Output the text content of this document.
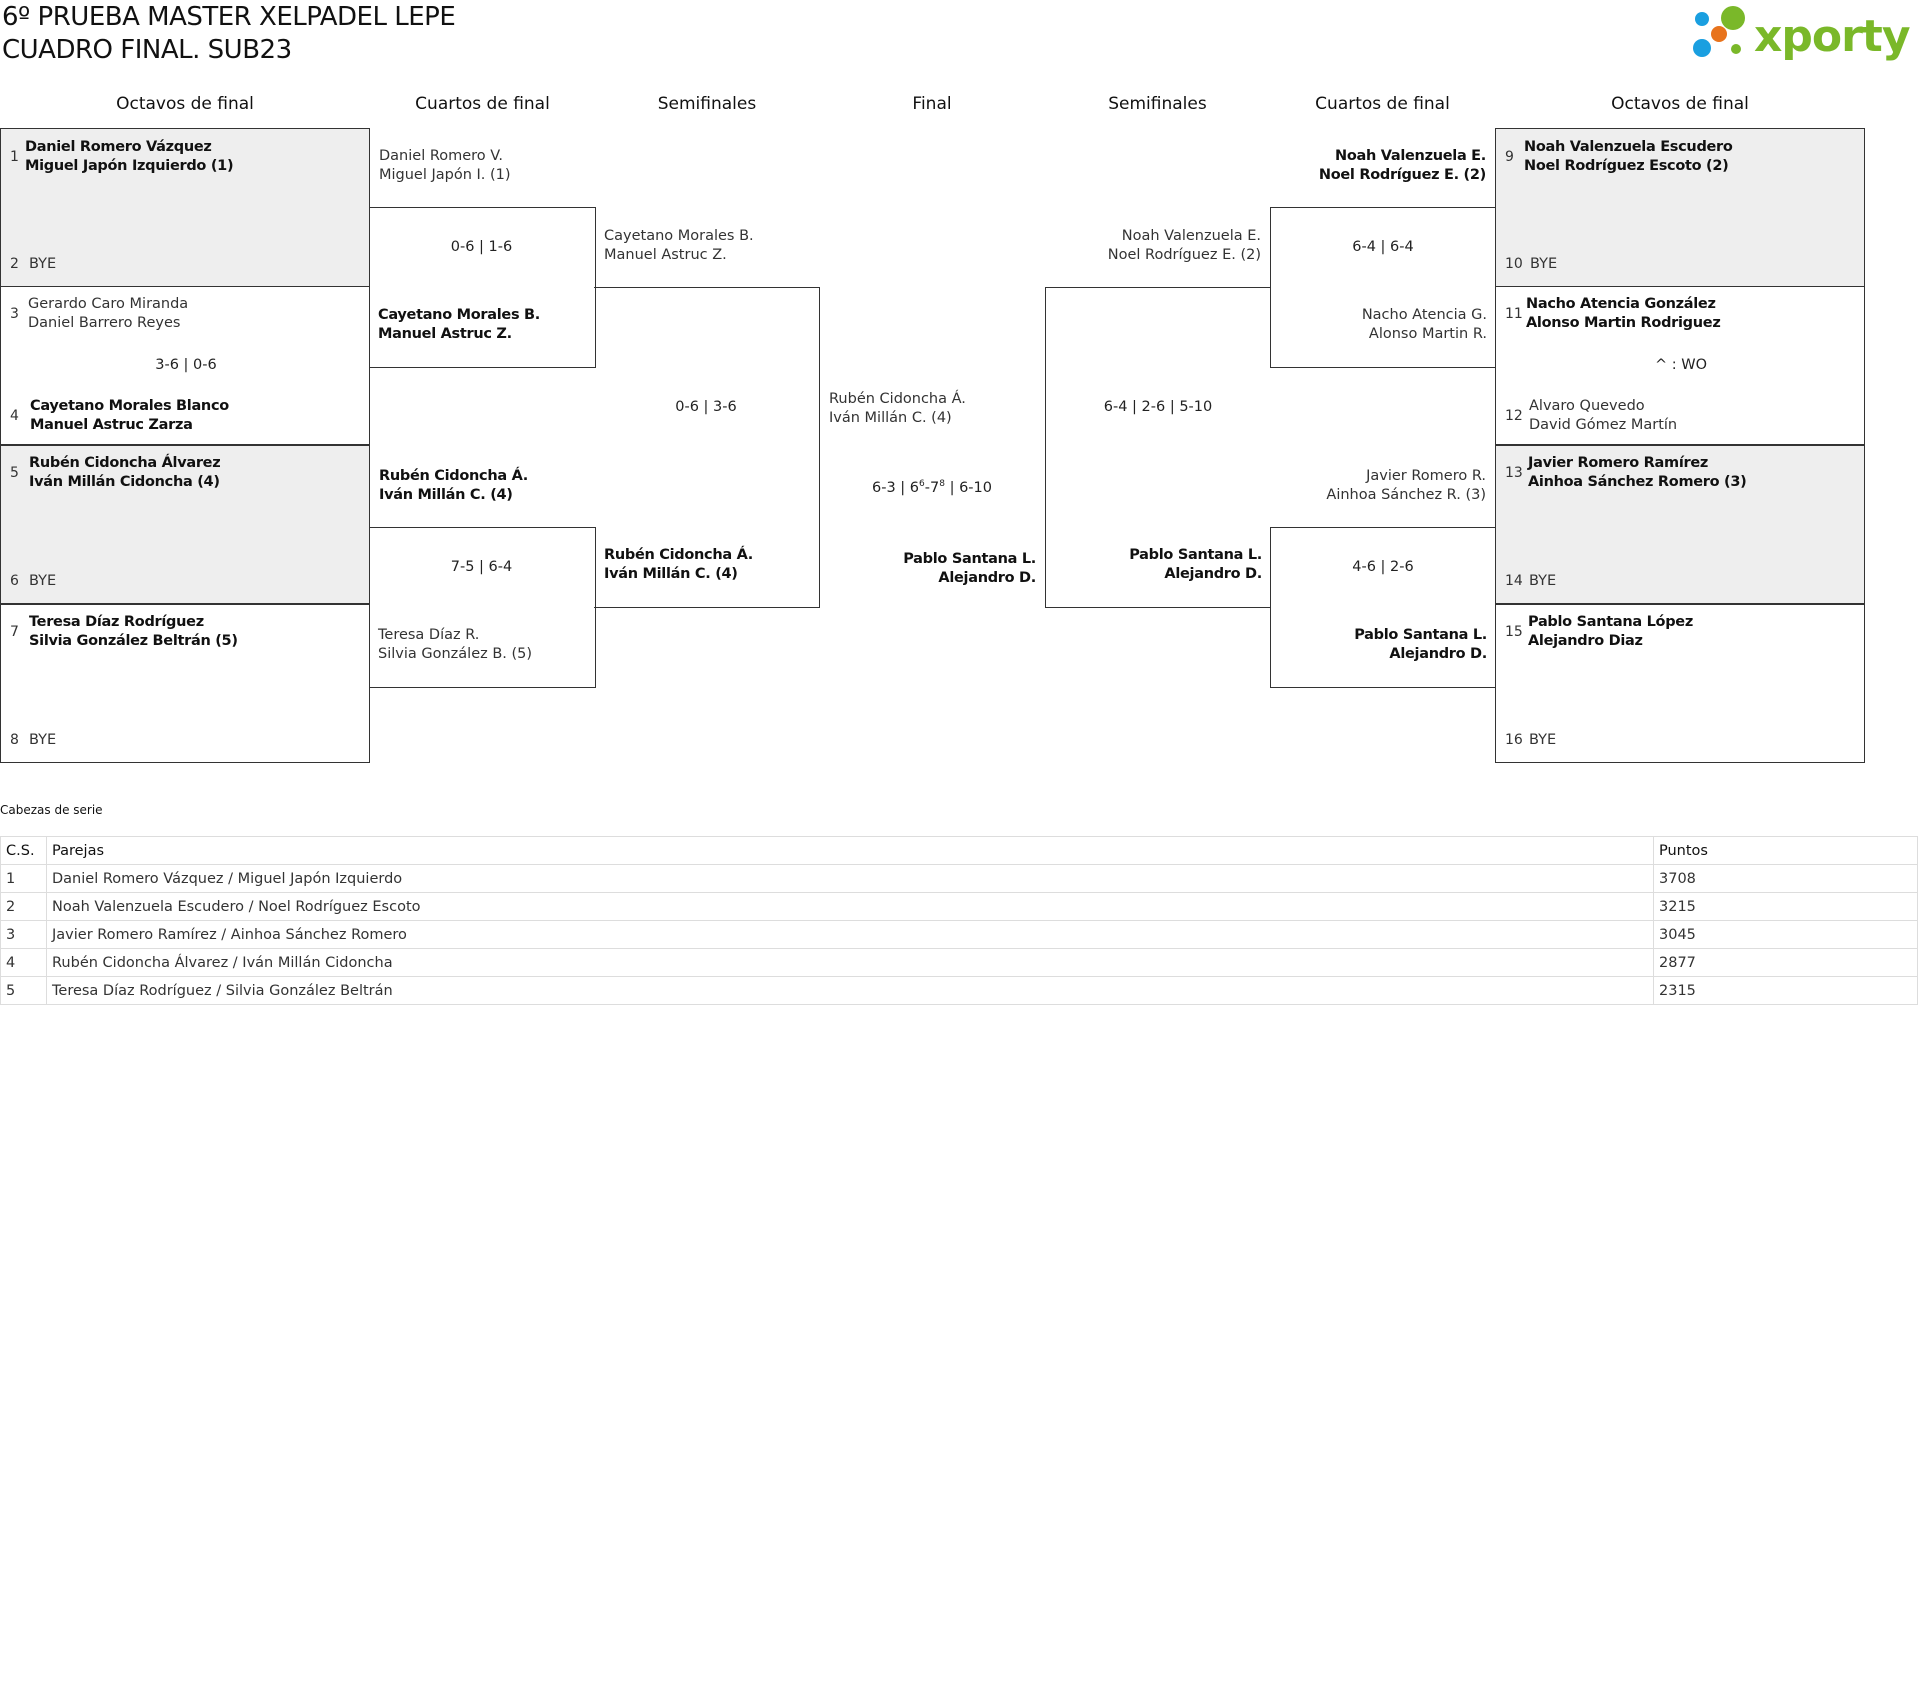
6º PRUEBA MASTER XELPADEL LEPE
CUADRO FINAL. SUB23	xporty
Octavos de final	Cuartos de final	Semifinales	Final	Semifinales	Cuartos de final	Octavos de final
1
Daniel Romero Vázquez
Miguel Japón Izquierdo (1)
2 BYE
3
Gerardo Caro Miranda
Daniel Barrero Reyes
3-6 | 0-6
4
Cayetano Morales Blanco
Manuel Astruc Zarza
5
Rubén Cidoncha Álvarez
Iván Millán Cidoncha (4)
6 BYE
7
Teresa Díaz Rodríguez
Silvia González Beltrán (5)
8 BYE
Daniel Romero V.
Miguel Japón I. (1)
0-6 | 1-6
Cayetano Morales B.
Manuel Astruc Z.
Rubén Cidoncha Á.
Iván Millán C. (4)
7-5 | 6-4
Teresa Díaz R.
Silvia González B. (5)
Cayetano Morales B.
Manuel Astruc Z.
0-6 | 3-6
Rubén Cidoncha Á.
Iván Millán C. (4)
Rubén Cidoncha Á.
Iván Millán C. (4)
6-3 | $6^6-7^8$ | 6-10
Pablo Santana L.
Alejandro D.
Noah Valenzuela E.
Noel Rodríguez E. (2)
6-4 | 2-6 | 5-10
Pablo Santana L.
Alejandro D.
Noah Valenzuela E.
Noel Rodríguez E. (2)
6-4 | 6-4
Nacho Atencia G.
Alonso Martin R.
Javier Romero R.
Ainhoa Sánchez R. (3)
4-6 | 2-6
Pablo Santana L.
Alejandro D.
9
Noah Valenzuela Escudero
Noel Rodríguez Escoto (2)
10 BYE
11
Nacho Atencia González
Alonso Martin Rodriguez
^ : WO
12
Alvaro Quevedo
David Gómez Martín
13
Javier Romero Ramírez
Ainhoa Sánchez Romero (3)
14 BYE
15
Pablo Santana López
Alejandro Diaz
16 BYE
Cabezas de serie
C.S.	Parejas	Puntos
1	Daniel Romero Vázquez / Miguel Japón Izquierdo	3708
2	Noah Valenzuela Escudero / Noel Rodríguez Escoto	3215
3	Javier Romero Ramírez / Ainhoa Sánchez Romero	3045
4	Rubén Cidoncha Álvarez / Iván Millán Cidoncha	2877
5	Teresa Díaz Rodríguez / Silvia González Beltrán	2315
